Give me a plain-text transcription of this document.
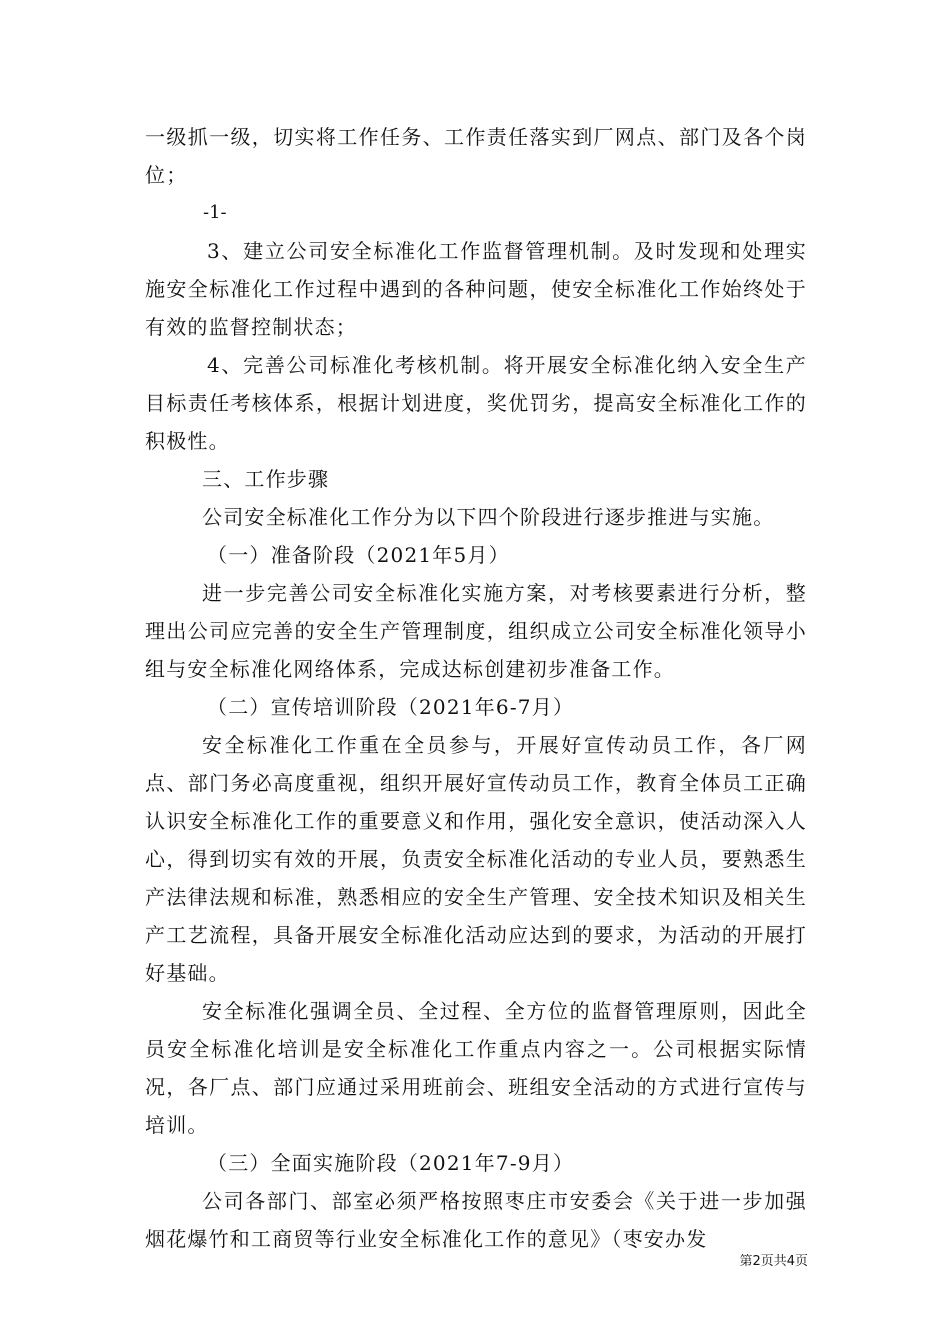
一级抓一级，切实将工作任务、工作责任落实到厂网点、部门及各个岗位；

-1-

3、建立公司安全标准化工作监督管理机制。及时发现和处理实施安全标准化工作过程中遇到的各种问题，使安全标准化工作始终处于有效的监督控制状态；

4、完善公司标准化考核机制。将开展安全标准化纳入安全生产目标责任考核体系，根据计划进度，奖优罚劣，提高安全标准化工作的积极性。

三、工作步骤

公司安全标准化工作分为以下四个阶段进行逐步推进与实施。

（一）准备阶段（2021年5月）

进一步完善公司安全标准化实施方案，对考核要素进行分析，整理出公司应完善的安全生产管理制度，组织成立公司安全标准化领导小组与安全标准化网络体系，完成达标创建初步准备工作。

（二）宣传培训阶段（2021年6-7月）

安全标准化工作重在全员参与，开展好宣传动员工作，各厂网点、部门务必高度重视，组织开展好宣传动员工作，教育全体员工正确认识安全标准化工作的重要意义和作用，强化安全意识，使活动深入人心，得到切实有效的开展，负责安全标准化活动的专业人员，要熟悉生产法律法规和标准，熟悉相应的安全生产管理、安全技术知识及相关生产工艺流程，具备开展安全标准化活动应达到的要求，为活动的开展打好基础。

安全标准化强调全员、全过程、全方位的监督管理原则，因此全员安全标准化培训是安全标准化工作重点内容之一。公司根据实际情况，各厂点、部门应通过采用班前会、班组安全活动的方式进行宣传与培训。

（三）全面实施阶段（2021年7-9月）

公司各部门、部室必须严格按照枣庄市安委会《关于进一步加强烟花爆竹和工商贸等行业安全标准化工作的意见》（枣安办发

第2页共4页
